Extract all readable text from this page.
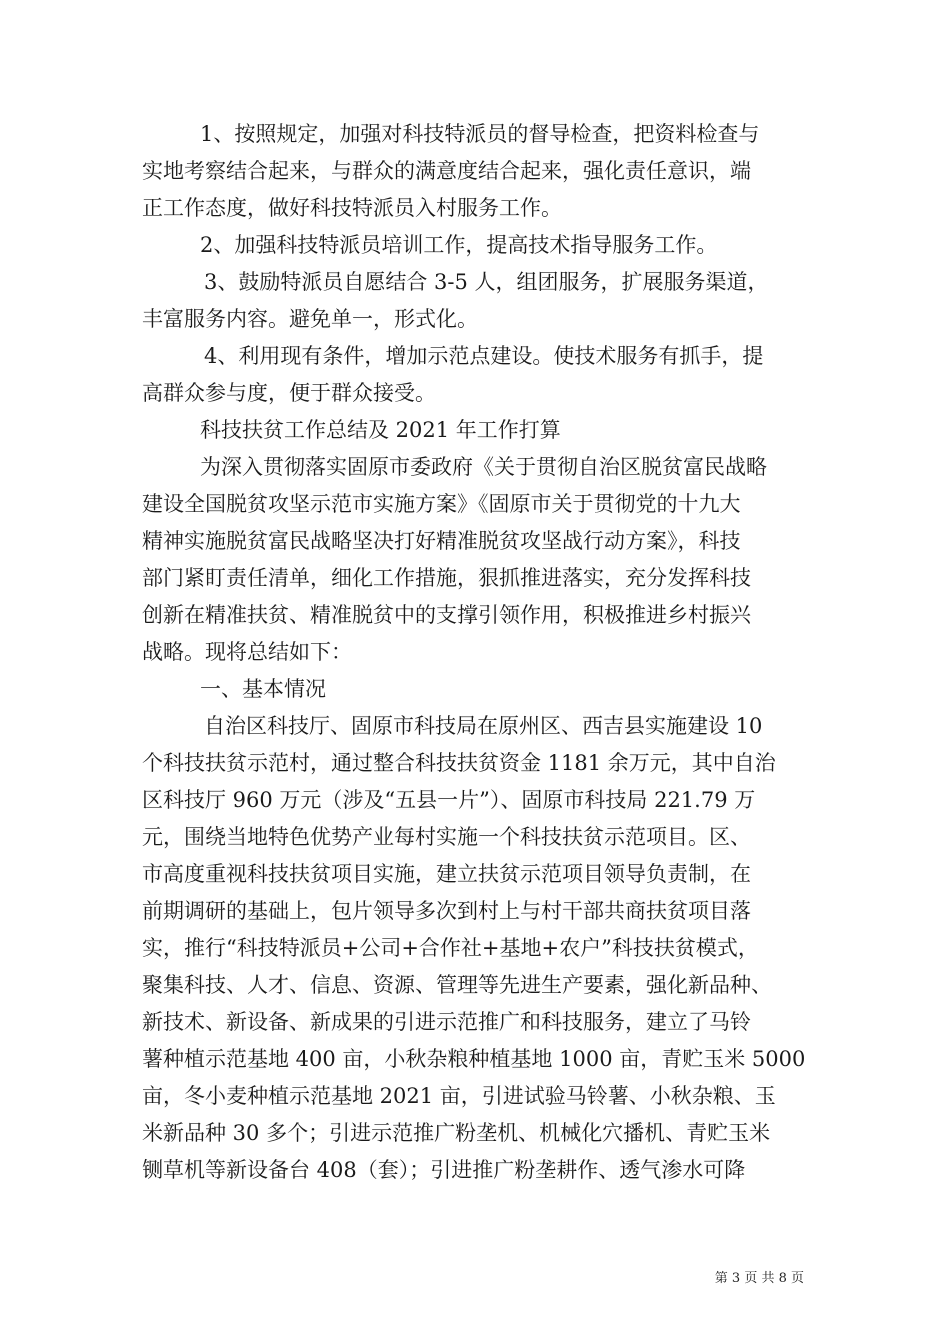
1、按照规定，加强对科技特派员的督导检查，把资料检查与
实地考察结合起来，与群众的满意度结合起来，强化责任意识，端
正工作态度，做好科技特派员入村服务工作。
2、加强科技特派员培训工作，提高技术指导服务工作。
3、鼓励特派员自愿结合 3-5 人，组团服务，扩展服务渠道，
丰富服务内容。避免单一，形式化。
4、利用现有条件，增加示范点建设。使技术服务有抓手，提
高群众参与度，便于群众接受。
科技扶贫工作总结及 2021 年工作打算
为深入贯彻落实固原市委政府《关于贯彻自治区脱贫富民战略
建设全国脱贫攻坚示范市实施方案》《固原市关于贯彻党的十九大
精神实施脱贫富民战略坚决打好精准脱贫攻坚战行动方案》，科技
部门紧盯责任清单，细化工作措施，狠抓推进落实，充分发挥科技
创新在精准扶贫、精准脱贫中的支撑引领作用，积极推进乡村振兴
战略。现将总结如下：
一、基本情况
自治区科技厅、固原市科技局在原州区、西吉县实施建设 10
个科技扶贫示范村，通过整合科技扶贫资金 1181 余万元，其中自治
区科技厅 960 万元（涉及“五县一片”）、固原市科技局 221.79 万
元，围绕当地特色优势产业每村实施一个科技扶贫示范项目。区、
市高度重视科技扶贫项目实施，建立扶贫示范项目领导负责制，在
前期调研的基础上，包片领导多次到村上与村干部共商扶贫项目落
实，推行“科技特派员+公司+合作社+基地+农户”科技扶贫模式，
聚集科技、人才、信息、资源、管理等先进生产要素，强化新品种、
新技术、新设备、新成果的引进示范推广和科技服务，建立了马铃
薯种植示范基地 400 亩，小秋杂粮种植基地 1000 亩，青贮玉米 5000
亩，冬小麦种植示范基地 2021 亩，引进试验马铃薯、小秋杂粮、玉
米新品种 30 多个；引进示范推广粉垄机、机械化穴播机、青贮玉米
铡草机等新设备台 408（套）；引进推广粉垄耕作、透气渗水可降
第 3 页 共 8 页
